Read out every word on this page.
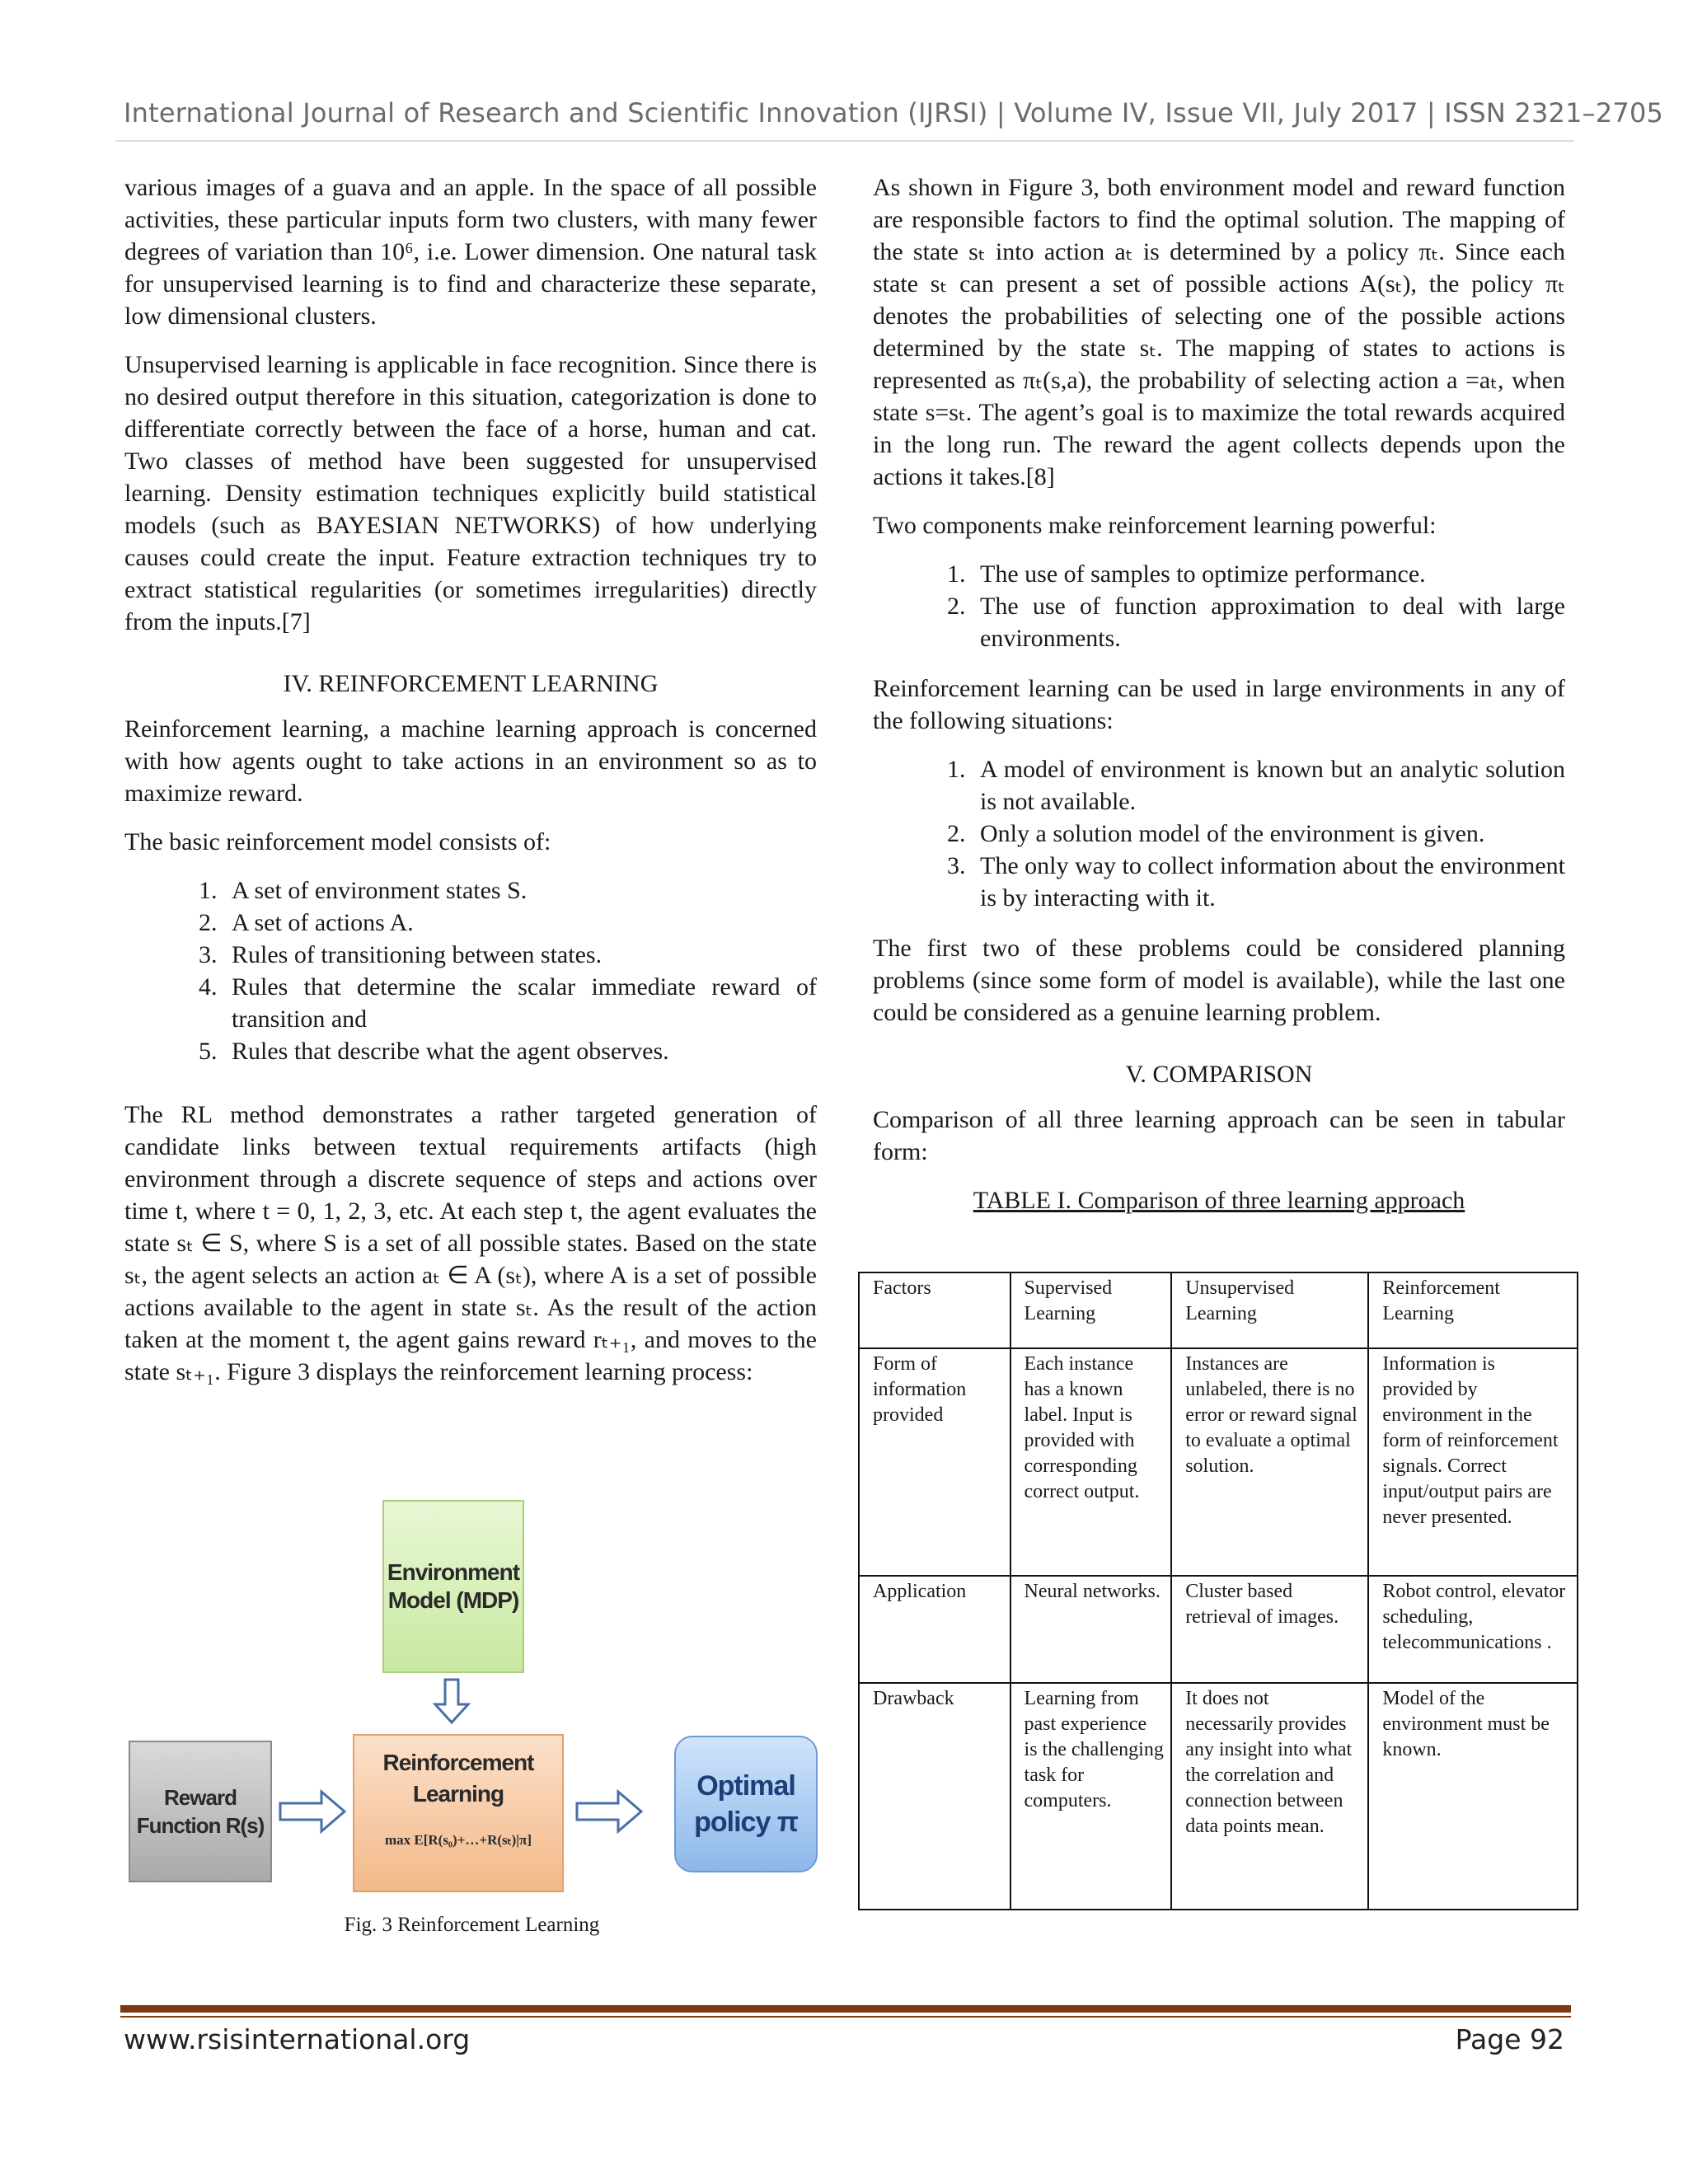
International Journal of Research and Scientific Innovation (IJRSI) | Volume IV, Issue VII, July 2017 | ISSN 2321–2705

various images of a guava and an apple. In the space of all possible activities, these particular inputs form two clusters, with many fewer degrees of variation than 10⁶, i.e. Lower dimension. One natural task for unsupervised learning is to find and characterize these separate, low dimensional clusters.

Unsupervised learning is applicable in face recognition. Since there is no desired output therefore in this situation, categorization is done to differentiate correctly between the face of a horse, human and cat. Two classes of method have been suggested for unsupervised learning. Density estimation techniques explicitly build statistical models (such as BAYESIAN NETWORKS) of how underlying causes could create the input. Feature extraction techniques try to extract statistical regularities (or sometimes irregularities) directly from the inputs.[7]

IV. REINFORCEMENT LEARNING

Reinforcement learning, a machine learning approach is concerned with how agents ought to take actions in an environment so as to maximize reward.

The basic reinforcement model consists of:

1. A set of environment states S.
2. A set of actions A.
3. Rules of transitioning between states.
4. Rules that determine the scalar immediate reward of transition and
5. Rules that describe what the agent observes.

The RL method demonstrates a rather targeted generation of candidate links between textual requirements artifacts (high environment through a discrete sequence of steps and actions over time t, where t = 0, 1, 2, 3, etc. At each step t, the agent evaluates the state sₜ ∈ S, where S is a set of all possible states. Based on the state sₜ, the agent selects an action aₜ ∈ A (sₜ), where A is a set of possible actions available to the agent in state sₜ. As the result of the action taken at the moment t, the agent gains reward rₜ₊₁, and moves to the state sₜ₊₁. Figure 3 displays the reinforcement learning process:

Environment
Model (MDP)
Reinforcement
Learning
max E[R(s₀)+…+R(sₜ)|π]
Reward
Function R(s)
Optimal
policy π
Fig. 3 Reinforcement Learning

As shown in Figure 3, both environment model and reward function are responsible factors to find the optimal solution. The mapping of the state sₜ into action aₜ is determined by a policy πₜ. Since each state sₜ can present a set of possible actions A(sₜ), the policy πₜ denotes the probabilities of selecting one of the possible actions determined by the state sₜ. The mapping of states to actions is represented as πₜ(s,a), the probability of selecting action a =aₜ, when state s=sₜ. The agent’s goal is to maximize the total rewards acquired in the long run. The reward the agent collects depends upon the actions it takes.[8]

Two components make reinforcement learning powerful:

1. The use of samples to optimize performance.
2. The use of function approximation to deal with large environments.

Reinforcement learning can be used in large environments in any of the following situations:

1. A model of environment is known but an analytic solution is not available.
2. Only a solution model of the environment is given.
3. The only way to collect information about the environment is by interacting with it.

The first two of these problems could be considered planning problems (since some form of model is available), while the last one could be considered as a genuine learning problem.

V. COMPARISON

Comparison of all three learning approach can be seen in tabular form:

TABLE I. Comparison of three learning approach
Factors	Supervised Learning	Unsupervised Learning	Reinforcement Learning
Form of information provided	Each instance has a known label. Input is provided with corresponding correct output.	Instances are unlabeled, there is no error or reward signal to evaluate a optimal solution.	Information is provided by environment in the form of reinforcement signals. Correct input/output pairs are never presented.
Application	Neural networks.	Cluster based retrieval of images.	Robot control, elevator scheduling, telecommunications .
Drawback	Learning from past experience is the challenging task for computers.	It does not necessarily provides any insight into what the correlation and connection between data points mean.	Model of the environment must be known.
www.rsisinternational.org	Page 92
